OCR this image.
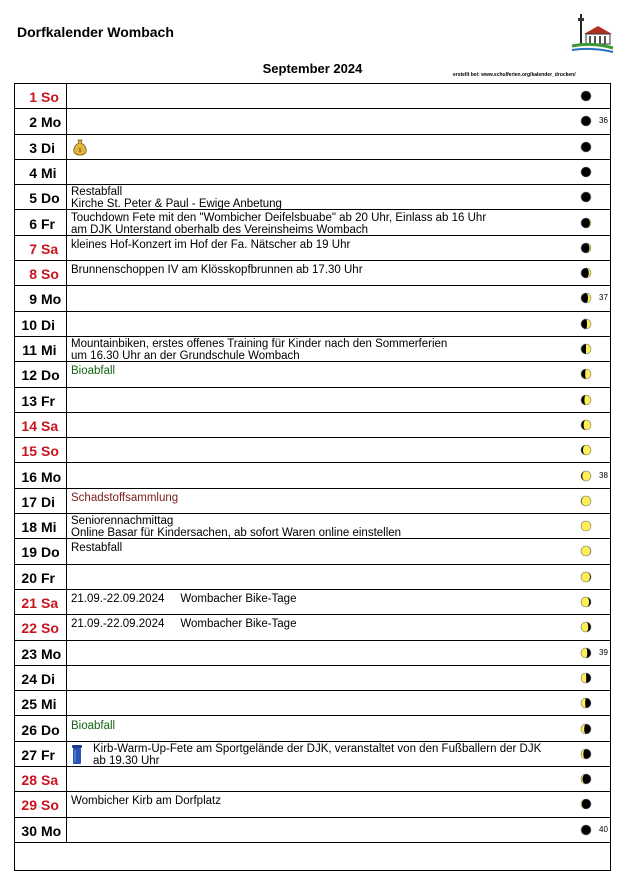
Dorfkalender Wombach
September 2024	erstellt bei: www.schulferien.org/kalender_drucken/
1 So
2 Mo	36
3 Di	$
4 Mi
5 Do Restabfall
Kirche St. Peter & Paul - Ewige Anbetung
6 Fr Touchdown Fete mit den "Wombicher Deifelsbuabe" ab 20 Uhr, Einlass ab 16 Uhr
am DJK Unterstand oberhalb des Vereinsheims Wombach
7 Sa kleines Hof-Konzert im Hof der Fa. Nätscher ab 19 Uhr
8 So Brunnenschoppen IV am Klösskopfbrunnen ab 17.30 Uhr
9 Mo	37
10 Di
11 Mi Mountainbiken, erstes offenes Training für Kinder nach den Sommerferien
um 16.30 Uhr an der Grundschule Wombach
12 Do Bioabfall
13 Fr
14 Sa
15 So
16 Mo	38
17 Di Schadstoffsammlung
18 Mi Seniorennachmittag
Online Basar für Kindersachen, ab sofort Waren online einstellen
19 Do Restabfall
20 Fr
21 Sa 21.09.-22.09.2024 Wombacher Bike-Tage
22 So 21.09.-22.09.2024 Wombacher Bike-Tage
23 Mo	39
24 Di
25 Mi
26 Do Bioabfall
27 Fr	Kirb-Warm-Up-Fete am Sportgelände der DJK, veranstaltet von den Fußballern der DJK
ab 19.30 Uhr
28 Sa
29 So Wombicher Kirb am Dorfplatz
30 Mo	40
